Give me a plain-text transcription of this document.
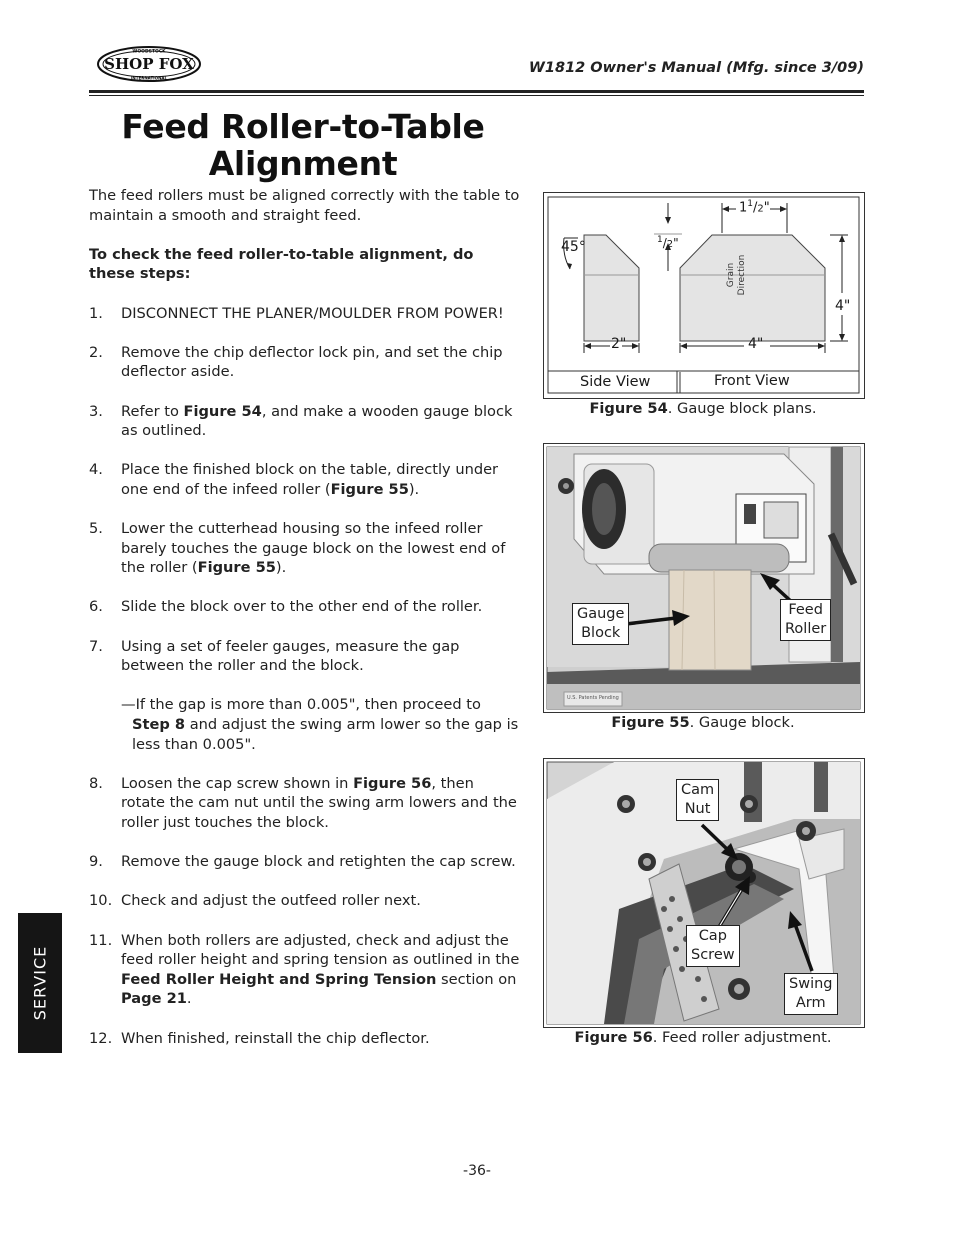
WOODSTOCK
SHOP FOX
INTERNATIONAL
W1812 Owner's Manual (Mfg. since 3/09)
Feed Roller-to-Table
Alignment

The feed rollers must be aligned correctly with the table to maintain a smooth and straight feed.

To check the feed roller-to-table alignment, do these steps:

1. DISCONNECT THE PLANER/MOULDER FROM POWER!
2. Remove the chip deflector lock pin, and set the chip deflector aside.
3. Refer to Figure 54, and make a wooden gauge block as outlined.
4. Place the finished block on the table, directly under one end of the infeed roller (Figure 55).
5. Lower the cutterhead housing so the infeed roller barely touches the gauge block on the lowest end of the roller (Figure 55).
6. Slide the block over to the other end of the roller.
7. Using a set of feeler gauges, measure the gap between the roller and the block.
—If the gap is more than 0.005", then proceed to Step 8 and adjust the swing arm lower so the gap is less than 0.005".
8. Loosen the cap screw shown in Figure 56, then rotate the cam nut until the swing arm lowers and the roller just touches the block.
9. Remove the gauge block and retighten the cap screw.
10. Check and adjust the outfeed roller next.
11. When both rollers are adjusted, check and adjust the feed roller height and spring tension as outlined in the Feed Roller Height and Spring Tension section on Page 21.
12. When finished, reinstall the chip deflector.
45°	$^1$/2"
$1^1/2$"
2"	4"
4"
Grain Direction
Side View	Front View
Figure 54. Gauge block plans.
U.S. Patents Pending
Gauge
Block
Feed
Roller
Figure 55. Gauge block.
Cam
Nut
Cap
Screw
Swing
Arm
Figure 56. Feed roller adjustment.
SERVICE
-36-
